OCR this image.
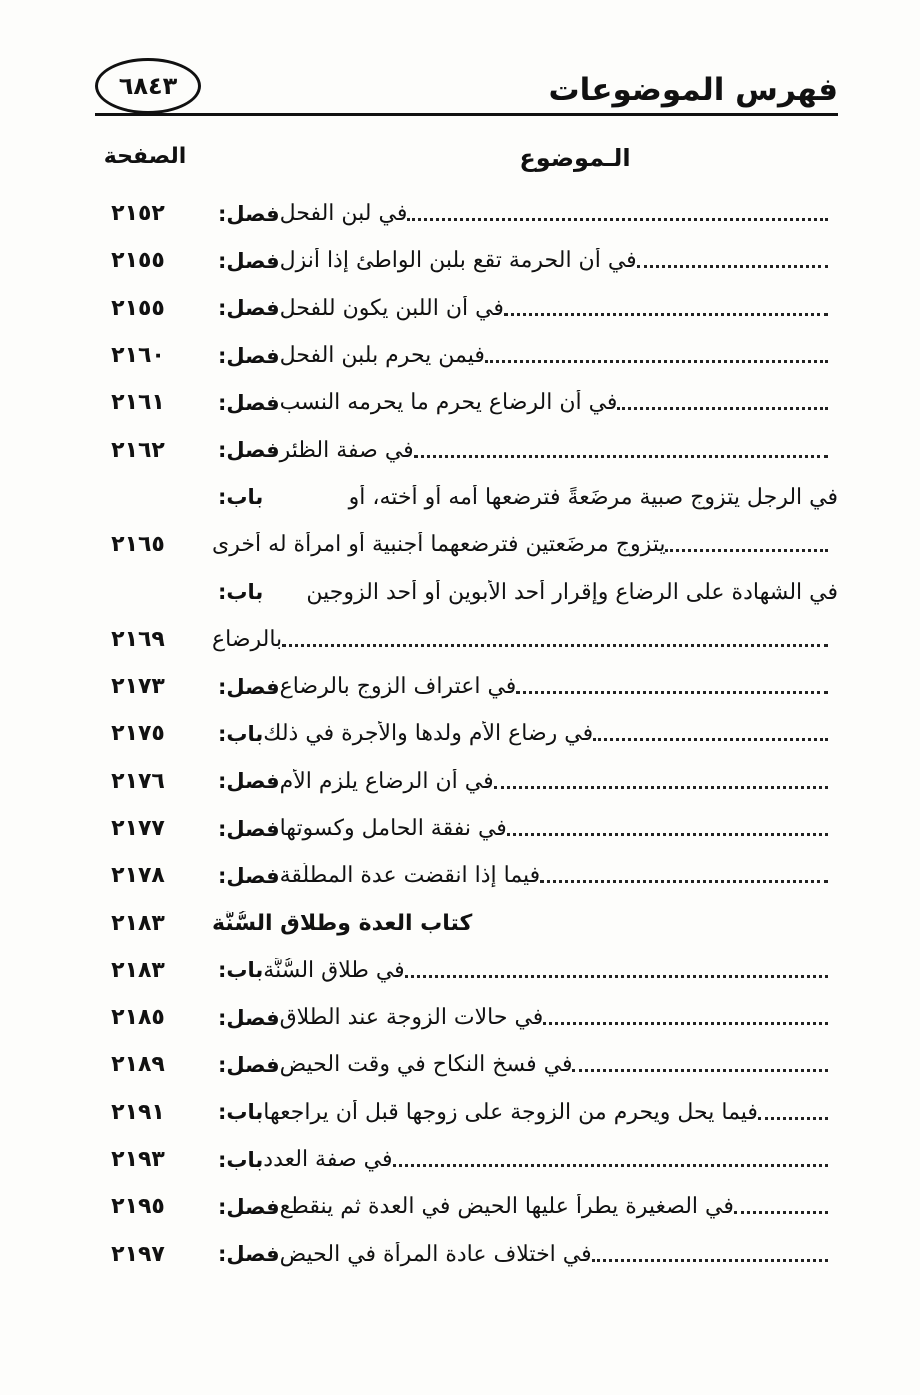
٦٨٤٣	فهرس الموضوعات
الـموضوع
الصفحة
فصل: في لبن الفحل
٢١٥٢
فصل: في أن الحرمة تقع بلبن الواطئ إذا أنزل
٢١٥٥
فصل: في أن اللبن يكون للفحل
٢١٥٥
فصل: فيمن يحرم بلبن الفحل
٢١٦٠
فصل: في أن الرضاع يحرم ما يحرمه النسب
٢١٦١
فصل: في صفة الظئر
٢١٦٢
باب:	في الرجل يتزوج صبية مرضَعةً فترضعها أمه أو أخته، أو
يتزوج مرضَعتين فترضعهما أجنبية أو امرأة له أخرى
٢١٦٥
باب:	في الشهادة على الرضاع وإقرار أحد الأبوين أو أحد الزوجين
بالرضاع
٢١٦٩
فصل: في اعتراف الزوج بالرضاع
٢١٧٣
باب: في رضاع الأم ولدها والأجرة في ذلك
٢١٧٥
فصل: في أن الرضاع يلزم الأم
٢١٧٦
فصل: في نفقة الحامل وكسوتها
٢١٧٧
فصل: فيما إذا انقضت عدة المطلَّقة
٢١٧٨
كتاب العدة وطلاق السُّنَّة
٢١٨٣
باب: في طلاق السُّنَّة
٢١٨٣
فصل: في حالات الزوجة عند الطلاق
٢١٨٥
فصل: في فسخ النكاح في وقت الحيض
٢١٨٩
باب: فيما يحل ويحرم من الزوجة على زوجها قبل أن يراجعها
٢١٩١
باب: في صفة العدد
٢١٩٣
فصل: في الصغيرة يطرأ عليها الحيض في العدة ثم ينقطع
٢١٩٥
فصل: في اختلاف عادة المرأة في الحيض
٢١٩٧
